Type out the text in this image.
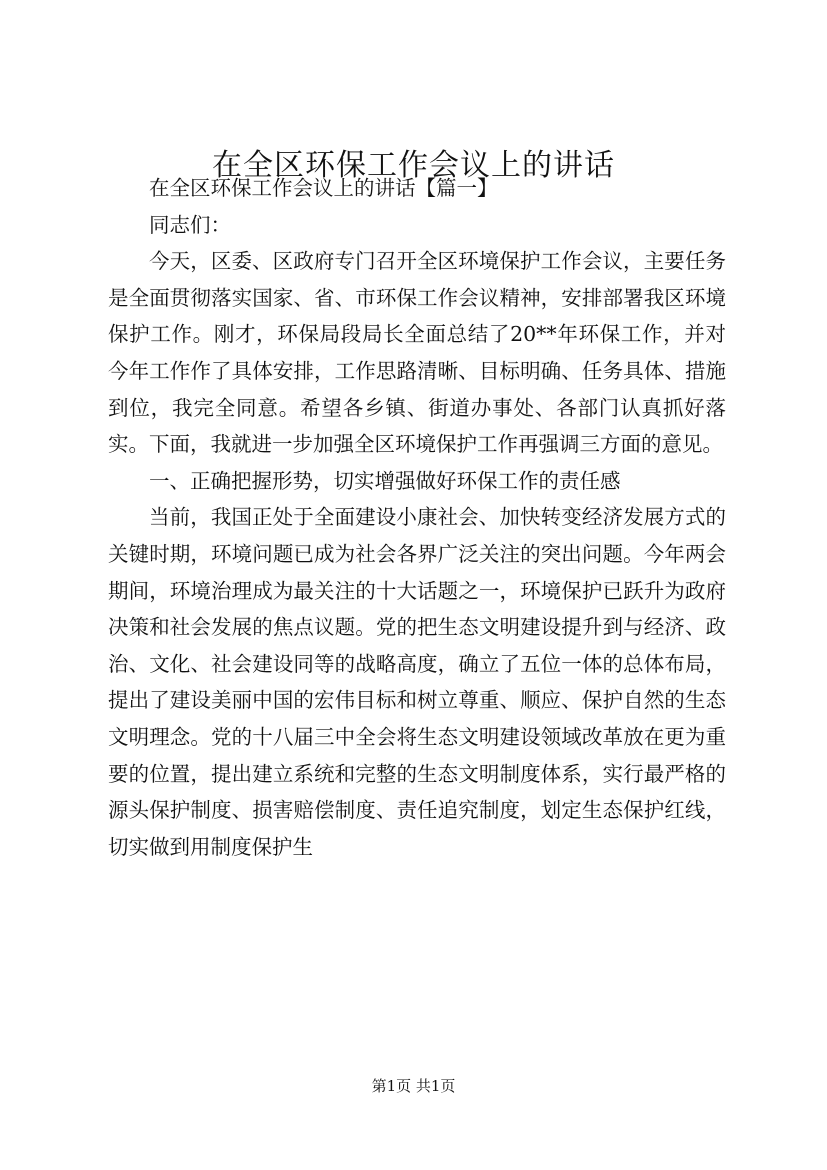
在全区环保工作会议上的讲话

在全区环保工作会议上的讲话【篇一】

同志们：

今天，区委、区政府专门召开全区环境保护工作会议，主要任务是全面贯彻落实国家、省、市环保工作会议精神，安排部署我区环境保护工作。刚才，环保局段局长全面总结了20**年环保工作，并对今年工作作了具体安排，工作思路清晰、目标明确、任务具体、措施到位，我完全同意。希望各乡镇、街道办事处、各部门认真抓好落实。下面，我就进一步加强全区环境保护工作再强调三方面的意见。

一、正确把握形势，切实增强做好环保工作的责任感

当前，我国正处于全面建设小康社会、加快转变经济发展方式的关键时期，环境问题已成为社会各界广泛关注的突出问题。今年两会期间，环境治理成为最关注的十大话题之一，环境保护已跃升为政府决策和社会发展的焦点议题。党的把生态文明建设提升到与经济、政治、文化、社会建设同等的战略高度，确立了五位一体的总体布局，提出了建设美丽中国的宏伟目标和树立尊重、顺应、保护自然的生态文明理念。党的十八届三中全会将生态文明建设领域改革放在更为重要的位置，提出建立系统和完整的生态文明制度体系，实行最严格的源头保护制度、损害赔偿制度、责任追究制度，划定生态保护红线，切实做到用制度保护生

第1页 共1页
